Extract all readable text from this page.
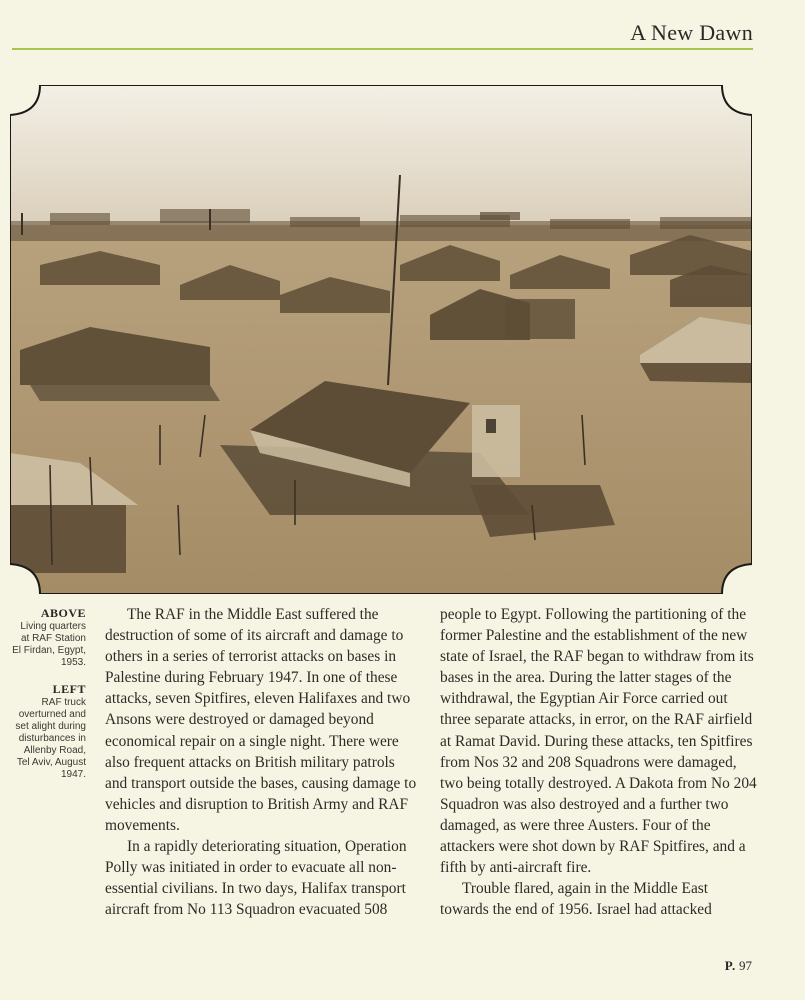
A New Dawn
ABOVE
Living quarters at RAF Station El Firdan, Egypt, 1953.
LEFT
RAF truck overturned and set alight during disturbances in Allenby Road, Tel Aviv, August 1947.

The RAF in the Middle East suffered the destruction of some of its aircraft and damage to others in a series of terrorist attacks on bases in Palestine during February 1947. In one of these attacks, seven Spitfires, eleven Halifaxes and two Ansons were destroyed or damaged beyond economical repair on a single night. There were also frequent attacks on British military patrols and transport outside the bases, causing damage to vehicles and disruption to British Army and RAF movements.

In a rapidly deteriorating situation, Operation Polly was initiated in order to evacuate all non-essential civilians. In two days, Halifax transport aircraft from No 113 Squadron evacuated 508

people to Egypt. Following the partitioning of the former Palestine and the establishment of the new state of Israel, the RAF began to withdraw from its bases in the area. During the latter stages of the withdrawal, the Egyptian Air Force carried out three separate attacks, in error, on the RAF airfield at Ramat David. During these attacks, ten Spitfires from Nos 32 and 208 Squadrons were damaged, two being totally destroyed. A Dakota from No 204 Squadron was also destroyed and a further two damaged, as were three Austers. Four of the attackers were shot down by RAF Spitfires, and a fifth by anti-aircraft fire.

Trouble flared, again in the Middle East towards the end of 1956. Israel had attacked

P. 97
